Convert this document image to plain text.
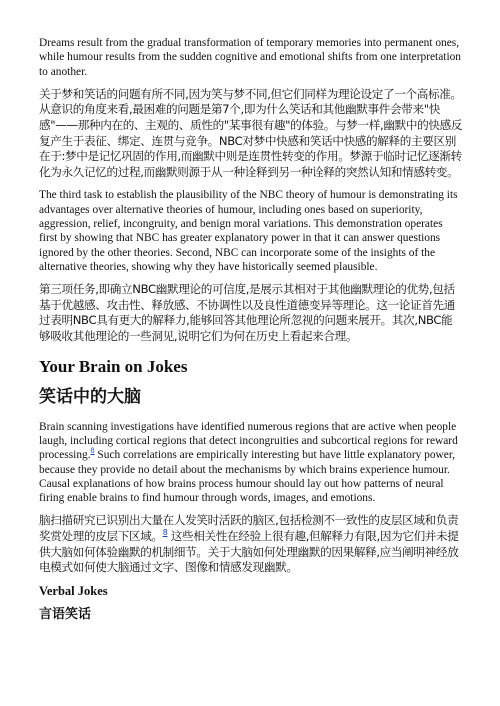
Dreams result from the gradual transformation of temporary memories into permanent ones, while humour results from the sudden cognitive and emotional shifts from one interpretation to another.

关于梦和笑话的问题有所不同,因为笑与梦不同,但它们同样为理论设定了一个高标准。从意识的角度来看,最困难的问题是第7个,即为什么笑话和其他幽默事件会带来"快感"——那种内在的、主观的、质性的"某事很有趣"的体验。与梦一样,幽默中的快感反复产生于表征、绑定、连贯与竞争。NBC对梦中快感和笑话中快感的解释的主要区别在于:梦中是记忆巩固的作用,而幽默中则是连贯性转变的作用。梦源于临时记忆逐渐转化为永久记忆的过程,而幽默则源于从一种诠释到另一种诠释的突然认知和情感转变。

The third task to establish the plausibility of the NBC theory of humour is demonstrating its advantages over alternative theories of humour, including ones based on superiority, aggression, relief, incongruity, and benign moral variations. This demonstration operates first by showing that NBC has greater explanatory power in that it can answer questions ignored by the other theories. Second, NBC can incorporate some of the insights of the alternative theories, showing why they have historically seemed plausible.

第三项任务,即确立NBC幽默理论的可信度,是展示其相对于其他幽默理论的优势,包括基于优越感、攻击性、释放感、不协调性以及良性道德变异等理论。这一论证首先通过表明NBC具有更大的解释力,能够回答其他理论所忽视的问题来展开。其次,NBC能够吸收其他理论的一些洞见,说明它们为何在历史上看起来合理。

Your Brain on Jokes
笑话中的大脑

Brain scanning investigations have identified numerous regions that are active when people laugh, including cortical regions that detect incongruities and subcortical regions for reward processing.$^8$ Such correlations are empirically interesting but have little explanatory power, because they provide no detail about the mechanisms by which brains experience humour. Causal explanations of how brains process humour should lay out how patterns of neural firing enable brains to find humour through words, images, and emotions.

脑扫描研究已识别出大量在人发笑时活跃的脑区,包括检测不一致性的皮层区域和负责奖赏处理的皮层下区域。$^8$ 这些相关性在经验上很有趣,但解释力有限,因为它们并未提供大脑如何体验幽默的机制细节。关于大脑如何处理幽默的因果解释,应当阐明神经放电模式如何使大脑通过文字、图像和情感发现幽默。

Verbal Jokes
言语笑话
